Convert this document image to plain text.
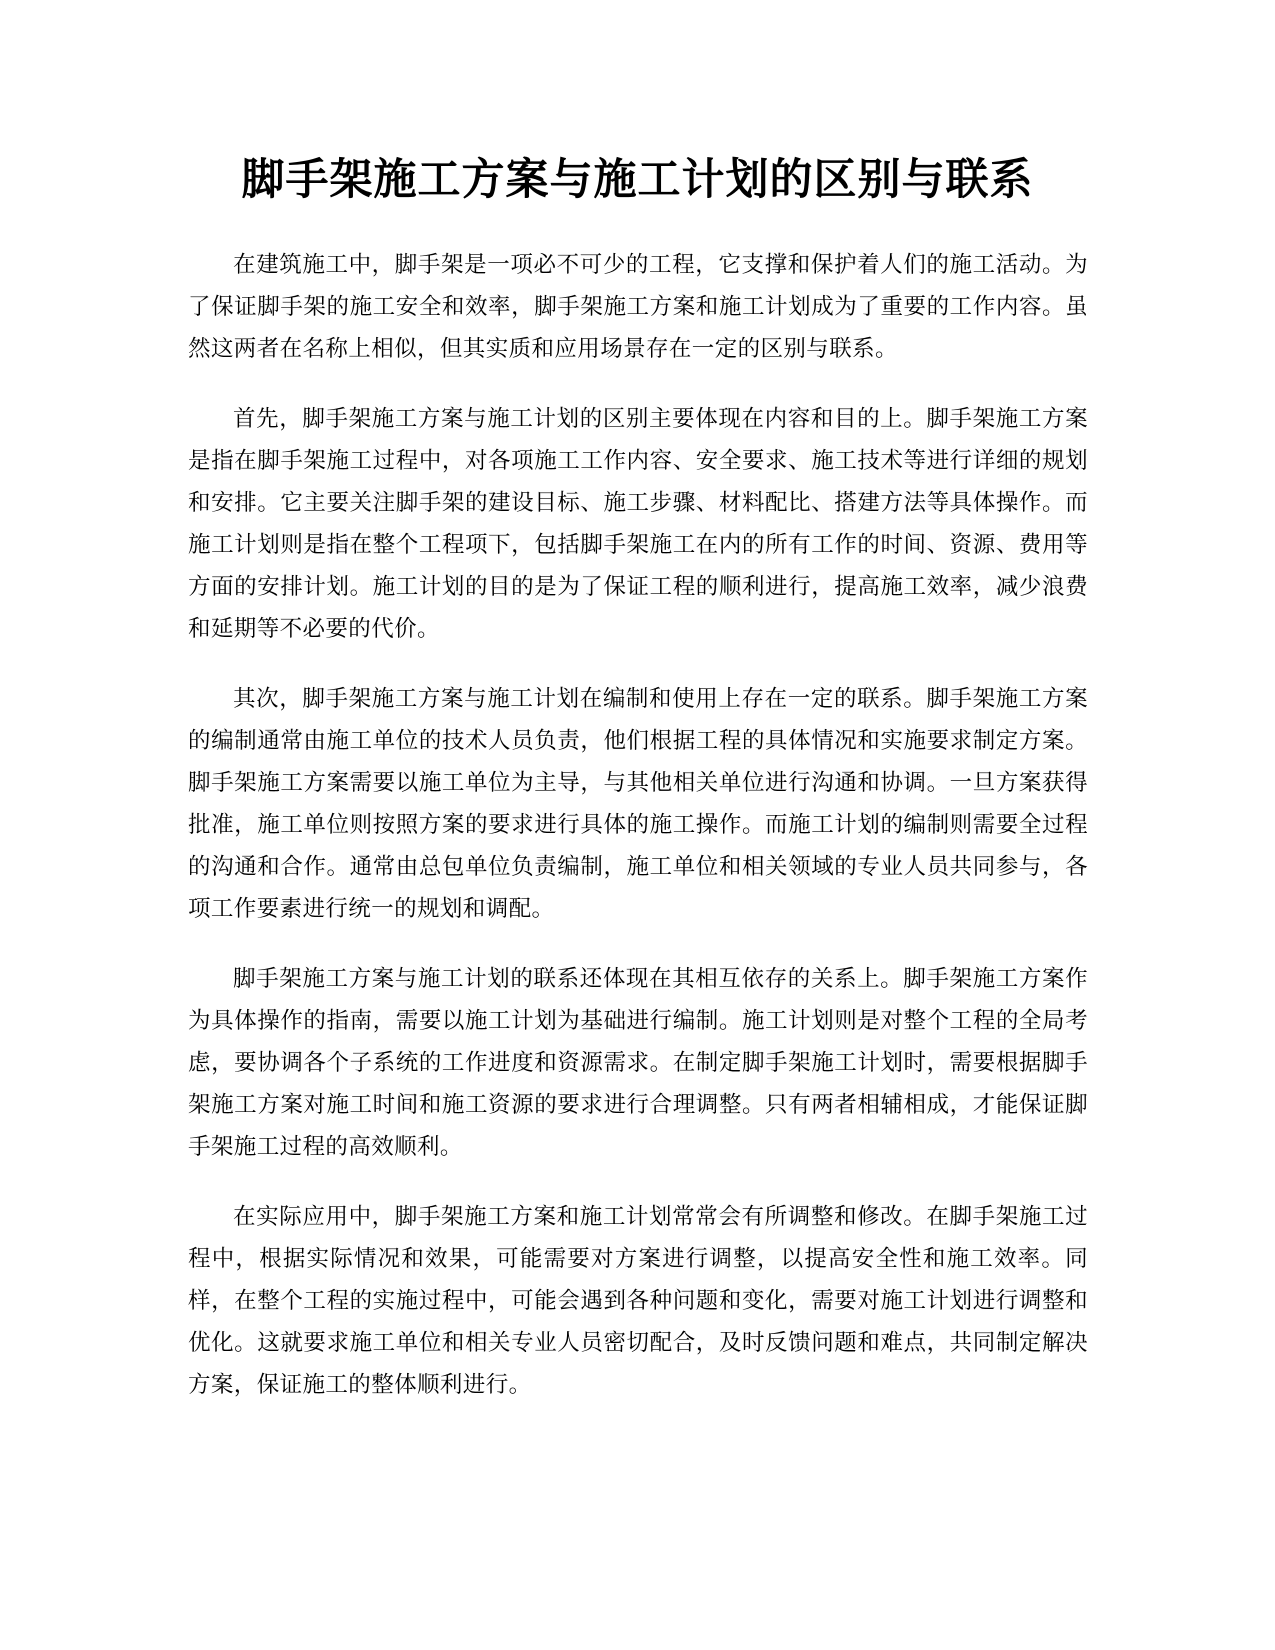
脚手架施工方案与施工计划的区别与联系

在建筑施工中，脚手架是一项必不可少的工程，它支撑和保护着人们的施工活动。为了保证脚手架的施工安全和效率，脚手架施工方案和施工计划成为了重要的工作内容。虽然这两者在名称上相似，但其实质和应用场景存在一定的区别与联系。

首先，脚手架施工方案与施工计划的区别主要体现在内容和目的上。脚手架施工方案是指在脚手架施工过程中，对各项施工工作内容、安全要求、施工技术等进行详细的规划和安排。它主要关注脚手架的建设目标、施工步骤、材料配比、搭建方法等具体操作。而施工计划则是指在整个工程项下，包括脚手架施工在内的所有工作的时间、资源、费用等方面的安排计划。施工计划的目的是为了保证工程的顺利进行，提高施工效率，减少浪费和延期等不必要的代价。

其次，脚手架施工方案与施工计划在编制和使用上存在一定的联系。脚手架施工方案的编制通常由施工单位的技术人员负责，他们根据工程的具体情况和实施要求制定方案。脚手架施工方案需要以施工单位为主导，与其他相关单位进行沟通和协调。一旦方案获得批准，施工单位则按照方案的要求进行具体的施工操作。而施工计划的编制则需要全过程的沟通和合作。通常由总包单位负责编制，施工单位和相关领域的专业人员共同参与，各项工作要素进行统一的规划和调配。

脚手架施工方案与施工计划的联系还体现在其相互依存的关系上。脚手架施工方案作为具体操作的指南，需要以施工计划为基础进行编制。施工计划则是对整个工程的全局考虑，要协调各个子系统的工作进度和资源需求。在制定脚手架施工计划时，需要根据脚手架施工方案对施工时间和施工资源的要求进行合理调整。只有两者相辅相成，才能保证脚手架施工过程的高效顺利。

在实际应用中，脚手架施工方案和施工计划常常会有所调整和修改。在脚手架施工过程中，根据实际情况和效果，可能需要对方案进行调整，以提高安全性和施工效率。同样，在整个工程的实施过程中，可能会遇到各种问题和变化，需要对施工计划进行调整和优化。这就要求施工单位和相关专业人员密切配合，及时反馈问题和难点，共同制定解决方案，保证施工的整体顺利进行。
